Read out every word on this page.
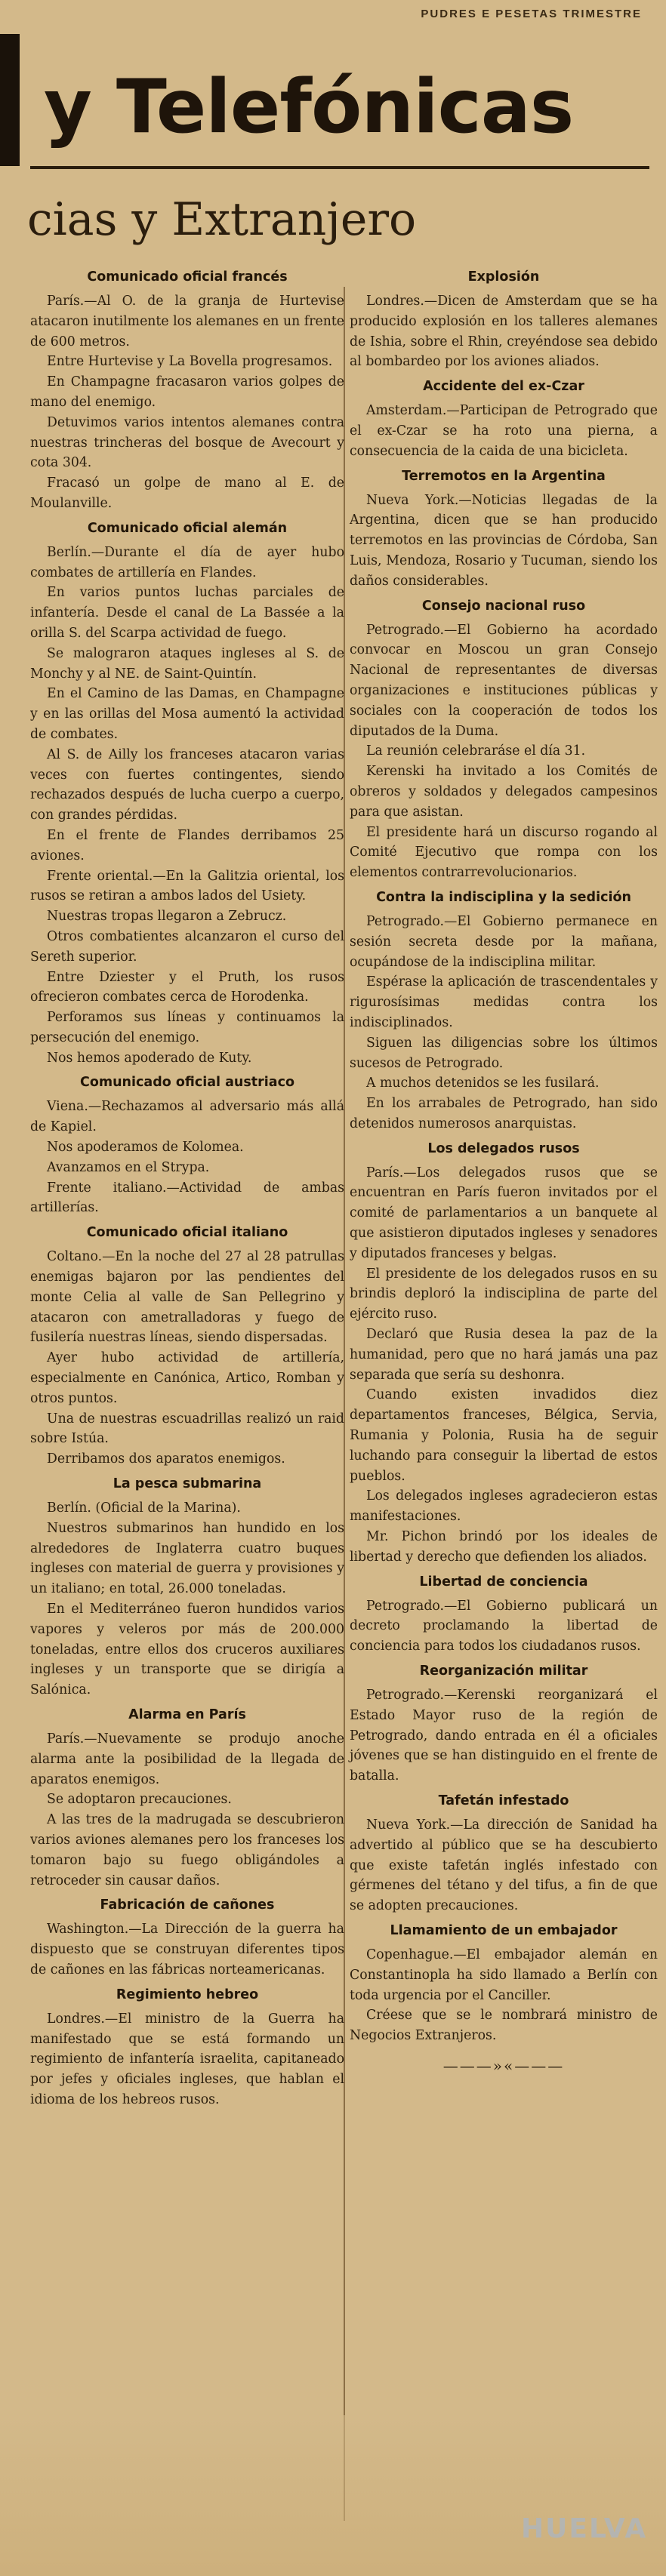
PUDRES E PESETAS TRIMESTRE
y Telefónicas
cias y Extranjero
Comunicado oficial francés

París.—Al O. de la granja de Hurtevise atacaron inutilmente los alemanes en un frente de 600 metros.

Entre Hurtevise y La Bovella progresamos.

En Champagne fracasaron varios golpes de mano del enemigo.

Detuvimos varios intentos alemanes contra nuestras trincheras del bosque de Avecourt y cota 304.

Fracasó un golpe de mano al E. de Moulanville.

Comunicado oficial alemán

Berlín.—Durante el día de ayer hubo combates de artillería en Flandes.

En varios puntos luchas parciales de infantería. Desde el canal de La Bassée a la orilla S. del Scarpa actividad de fuego.

Se malograron ataques ingleses al S. de Monchy y al NE. de Saint-Quintín.

En el Camino de las Damas, en Champagne y en las orillas del Mosa aumentó la actividad de combates.

Al S. de Ailly los franceses atacaron varias veces con fuertes contingentes, siendo rechazados después de lucha cuerpo a cuerpo, con grandes pérdidas.

En el frente de Flandes derribamos 25 aviones.

Frente oriental.—En la Galitzia oriental, los rusos se retiran a ambos lados del Usiety.

Nuestras tropas llegaron a Zebrucz.

Otros combatientes alcanzaron el curso del Sereth superior.

Entre Dziester y el Pruth, los rusos ofrecieron combates cerca de Horodenka.

Perforamos sus líneas y continuamos la persecución del enemigo.

Nos hemos apoderado de Kuty.

Comunicado oficial austriaco

Viena.—Rechazamos al adversario más allá de Kapiel.

Nos apoderamos de Kolomea.

Avanzamos en el Strypa.

Frente italiano.—Actividad de ambas artillerías.

Comunicado oficial italiano

Coltano.—En la noche del 27 al 28 patrullas enemigas bajaron por las pendientes del monte Celia al valle de San Pellegrino y atacaron con ametralladoras y fuego de fusilería nuestras líneas, siendo dispersadas.

Ayer hubo actividad de artillería, especialmente en Canónica, Artico, Romban y otros puntos.

Una de nuestras escuadrillas realizó un raid sobre Istúa.

Derribamos dos aparatos enemigos.

La pesca submarina

Berlín. (Oficial de la Marina).

Nuestros submarinos han hundido en los alrededores de Inglaterra cuatro buques ingleses con material de guerra y provisiones y un italiano; en total, 26.000 toneladas.

En el Mediterráneo fueron hundidos varios vapores y veleros por más de 200.000 toneladas, entre ellos dos cruceros auxiliares ingleses y un transporte que se dirigía a Salónica.

Alarma en París

París.—Nuevamente se produjo anoche alarma ante la posibilidad de la llegada de aparatos enemigos.

Se adoptaron precauciones.

A las tres de la madrugada se descubrieron varios aviones alemanes pero los franceses los tomaron bajo su fuego obligándoles a retroceder sin causar daños.

Fabricación de cañones

Washington.—La Dirección de la guerra ha dispuesto que se construyan diferentes tipos de cañones en las fábricas norteamericanas.

Regimiento hebreo

Londres.—El ministro de la Guerra ha manifestado que se está formando un regimiento de infantería israelita, capitaneado por jefes y oficiales ingleses, que hablan el idioma de los hebreos rusos.

Explosión

Londres.—Dicen de Amsterdam que se ha producido explosión en los talleres alemanes de Ishia, sobre el Rhin, creyéndose sea debido al bombardeo por los aviones aliados.

Accidente del ex-Czar

Amsterdam.—Participan de Petrogrado que el ex-Czar se ha roto una pierna, a consecuencia de la caida de una bicicleta.

Terremotos en la Argentina

Nueva York.—Noticias llegadas de la Argentina, dicen que se han producido terremotos en las provincias de Córdoba, San Luis, Mendoza, Rosario y Tucuman, siendo los daños considerables.

Consejo nacional ruso

Petrogrado.—El Gobierno ha acordado convocar en Moscou un gran Consejo Nacional de representantes de diversas organizaciones e instituciones públicas y sociales con la cooperación de todos los diputados de la Duma.

La reunión celebraráse el día 31.

Kerenski ha invitado a los Comités de obreros y soldados y delegados campesinos para que asistan.

El presidente hará un discurso rogando al Comité Ejecutivo que rompa con los elementos contrarrevolucionarios.

Contra la indisciplina y la sedición

Petrogrado.—El Gobierno permanece en sesión secreta desde por la mañana, ocupándose de la indisciplina militar.

Espérase la aplicación de trascendentales y rigurosísimas medidas contra los indisciplinados.

Siguen las diligencias sobre los últimos sucesos de Petrogrado.

A muchos detenidos se les fusilará.

En los arrabales de Petrogrado, han sido detenidos numerosos anarquistas.

Los delegados rusos

París.—Los delegados rusos que se encuentran en París fueron invitados por el comité de parlamentarios a un banquete al que asistieron diputados ingleses y senadores y diputados franceses y belgas.

El presidente de los delegados rusos en su brindis deploró la indisciplina de parte del ejército ruso.

Declaró que Rusia desea la paz de la humanidad, pero que no hará jamás una paz separada que sería su deshonra.

Cuando existen invadidos diez departamentos franceses, Bélgica, Servia, Rumania y Polonia, Rusia ha de seguir luchando para conseguir la libertad de estos pueblos.

Los delegados ingleses agradecieron estas manifestaciones.

Mr. Pichon brindó por los ideales de libertad y derecho que defienden los aliados.

Libertad de conciencia

Petrogrado.—El Gobierno publicará un decreto proclamando la libertad de conciencia para todos los ciudadanos rusos.

Reorganización militar

Petrogrado.—Kerenski reorganizará el Estado Mayor ruso de la región de Petrogrado, dando entrada en él a oficiales jóvenes que se han distinguido en el frente de batalla.

Tafetán infestado

Nueva York.—La dirección de Sanidad ha advertido al público que se ha descubierto que existe tafetán inglés infestado con gérmenes del tétano y del tifus, a fin de que se adopten precauciones.

Llamamiento de un embajador

Copenhague.—El embajador alemán en Constantinopla ha sido llamado a Berlín con toda urgencia por el Canciller.

Créese que se le nombrará ministro de Negocios Extranjeros.

———»«———
HUELVA
